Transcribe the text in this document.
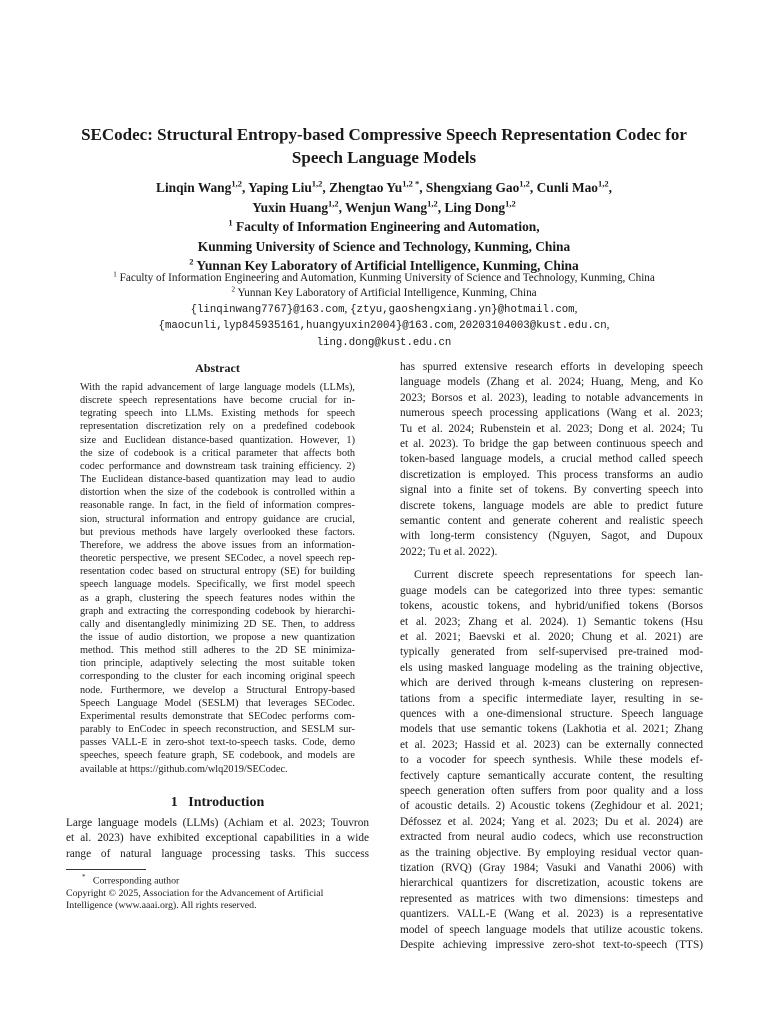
SECodec: Structural Entropy-based Compressive Speech Representation Codec for
Speech Language Models
Linqin Wang$^{1,2}$, Yaping Liu$^{1,2}$, Zhengtao $Yu^{1,2 *}$, Shengxiang Gao$^{1,2}$, Cunli Mao$^{1,2}$,
Yuxin Huang$^{1,2}$, Wenjun Wang$^{1,2}$, Ling Dong$^{1,2}$
$^1$ Faculty of Information Engineering and Automation,
Kunming University of Science and Technology, Kunming, China
$^2$ Yunnan Key Laboratory of Artificial Intelligence, Kunming, China
$^1$ Faculty of Information Engineering and Automation, Kunming University of Science and Technology, Kunming, China
$^2$ Yunnan Key Laboratory of Artificial Intelligence, Kunming, China
{linqinwang7767}@163.com, {ztyu,gaoshengxiang.yn}@hotmail.com,
{maocunli,lyp845935161,huangyuxin2004}@163.com, 20203104003@kust.edu.cn,
ling.dong@kust.edu.cn
Abstract
With the rapid advancement of large language models (LLMs),
discrete speech representations have become crucial for in-
tegrating speech into LLMs. Existing methods for speech
representation discretization rely on a predefined codebook
size and Euclidean distance-based quantization. However, 1)
the size of codebook is a critical parameter that affects both
codec performance and downstream task training efficiency. 2)
The Euclidean distance-based quantization may lead to audio
distortion when the size of the codebook is controlled within a
reasonable range. In fact, in the field of information compres-
sion, structural information and entropy guidance are crucial,
but previous methods have largely overlooked these factors.
Therefore, we address the above issues from an information-
theoretic perspective, we present SECodec, a novel speech rep-
resentation codec based on structural entropy (SE) for building
speech language models. Specifically, we first model speech
as a graph, clustering the speech features nodes within the
graph and extracting the corresponding codebook by hierarchi-
cally and disentangledly minimizing 2D SE. Then, to address
the issue of audio distortion, we propose a new quantization
method. This method still adheres to the 2D SE minimiza-
tion principle, adaptively selecting the most suitable token
corresponding to the cluster for each incoming original speech
node. Furthermore, we develop a Structural Entropy-based
Speech Language Model (SESLM) that leverages SECodec.
Experimental results demonstrate that SECodec performs com-
parably to EnCodec in speech reconstruction, and SESLM sur-
passes VALL-E in zero-shot text-to-speech tasks. Code, demo
speeches, speech feature graph, SE codebook, and models are
available at https://github.com/wlq2019/SECodec.
1 Introduction
Large language models (LLMs) (Achiam et al. 2023; Touvron
et al. 2023) have exhibited exceptional capabilities in a wide
range of natural language processing tasks. This success
* Corresponding author
Copyright © 2025, Association for the Advancement of Artificial
Intelligence (www.aaai.org). All rights reserved.
has spurred extensive research efforts in developing speech
language models (Zhang et al. 2024; Huang, Meng, and Ko
2023; Borsos et al. 2023), leading to notable advancements in
numerous speech processing applications (Wang et al. 2023;
Tu et al. 2024; Rubenstein et al. 2023; Dong et al. 2024; Tu
et al. 2023). To bridge the gap between continuous speech and
token-based language models, a crucial method called speech
discretization is employed. This process transforms an audio
signal into a finite set of tokens. By converting speech into
discrete tokens, language models are able to predict future
semantic content and generate coherent and realistic speech
with long-term consistency (Nguyen, Sagot, and Dupoux
2022; Tu et al. 2022).
Current discrete speech representations for speech lan-
guage models can be categorized into three types: semantic
tokens, acoustic tokens, and hybrid/unified tokens (Borsos
et al. 2023; Zhang et al. 2024). 1) Semantic tokens (Hsu
et al. 2021; Baevski et al. 2020; Chung et al. 2021) are
typically generated from self-supervised pre-trained mod-
els using masked language modeling as the training objective,
which are derived through k-means clustering on represen-
tations from a specific intermediate layer, resulting in se-
quences with a one-dimensional structure. Speech language
models that use semantic tokens (Lakhotia et al. 2021; Zhang
et al. 2023; Hassid et al. 2023) can be externally connected
to a vocoder for speech synthesis. While these models ef-
fectively capture semantically accurate content, the resulting
speech generation often suffers from poor quality and a loss
of acoustic details. 2) Acoustic tokens (Zeghidour et al. 2021;
Défossez et al. 2024; Yang et al. 2023; Du et al. 2024) are
extracted from neural audio codecs, which use reconstruction
as the training objective. By employing residual vector quan-
tization (RVQ) (Gray 1984; Vasuki and Vanathi 2006) with
hierarchical quantizers for discretization, acoustic tokens are
represented as matrices with two dimensions: timesteps and
quantizers. VALL-E (Wang et al. 2023) is a representative
model of speech language models that utilize acoustic tokens.
Despite achieving impressive zero-shot text-to-speech (TTS)
